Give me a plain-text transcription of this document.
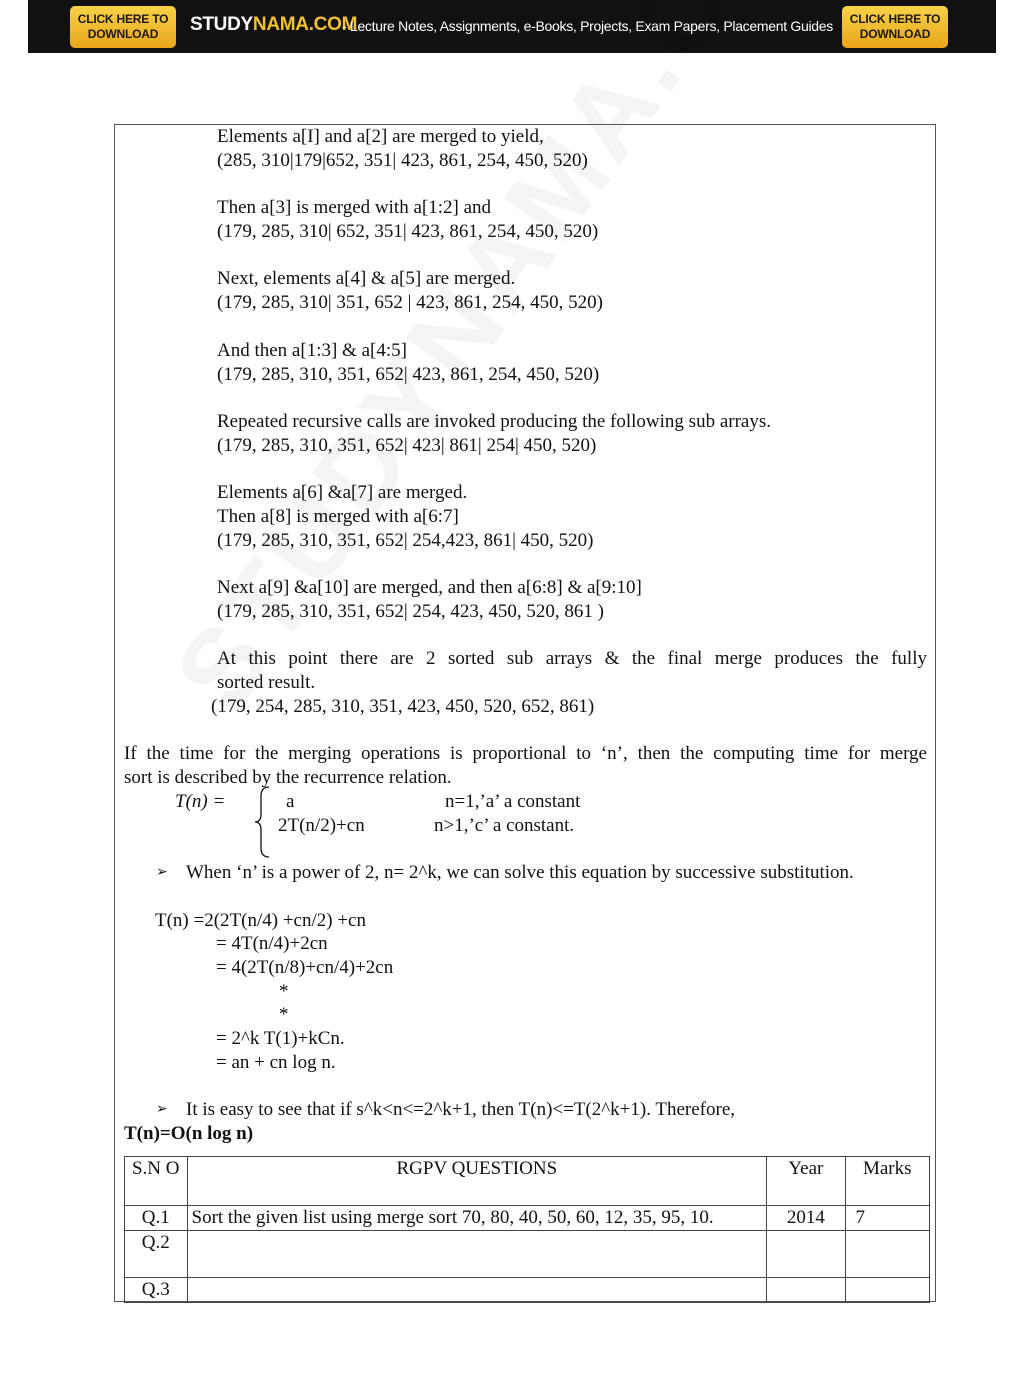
CLICK HERE TO
DOWNLOAD	STUDYNAMA.COM
- Lecture Notes, Assignments, e-Books, Projects, Exam Papers, Placement Guides CLICK HERE TO
DOWNLOAD
Elements a[I] and a[2] are merged to yield,
(285, 310|179|652, 351| 423, 861, 254, 450, 520)
Then a[3] is merged with a[1:2] and
(179, 285, 310| 652, 351| 423, 861, 254, 450, 520)
Next, elements a[4] & a[5] are merged.
(179, 285, 310| 351, 652 | 423, 861, 254, 450, 520)
And then a[1:3] & a[4:5]
(179, 285, 310, 351, 652| 423, 861, 254, 450, 520)
Repeated recursive calls are invoked producing the following sub arrays.
(179, 285, 310, 351, 652| 423| 861| 254| 450, 520)
Elements a[6] &a[7] are merged.
Then a[8] is merged with a[6:7]
(179, 285, 310, 351, 652| 254,423, 861| 450, 520)
Next a[9] &a[10] are merged, and then a[6:8] & a[9:10]
(179, 285, 310, 351, 652| 254, 423, 450, 520, 861 )
At this point there are 2 sorted sub arrays & the final merge produces the fully
sorted result.
(179, 254, 285, 310, 351, 423, 450, 520, 652, 861)
If the time for the merging operations is proportional to ‘n’, then the computing time for merge
sort is described by the recurrence relation.
T(n) =	a	n=1,’a’ a constant
2T(n/2)+cn	n>1,’c’ a constant.
➢ When ‘n’ is a power of 2, n= 2^k, we can solve this equation by successive substitution.
T(n) =2(2T(n/4) +cn/2) +cn
= 4T(n/4)+2cn
= 4(2T(n/8)+cn/4)+2cn
*
*
= 2^k T(1)+kCn.
= an + cn log n.
➢ It is easy to see that if s^k<n<=2^k+1, then T(n)<=T(2^k+1). Therefore,
T(n)=O(n log n)
S.N O	RGPV QUESTIONS	Year	Marks
Q.1	Sort the given list using merge sort 70, 80, 40, 50, 60, 12, 35, 95, 10.	2014	7
Q.2			
Q.3			
